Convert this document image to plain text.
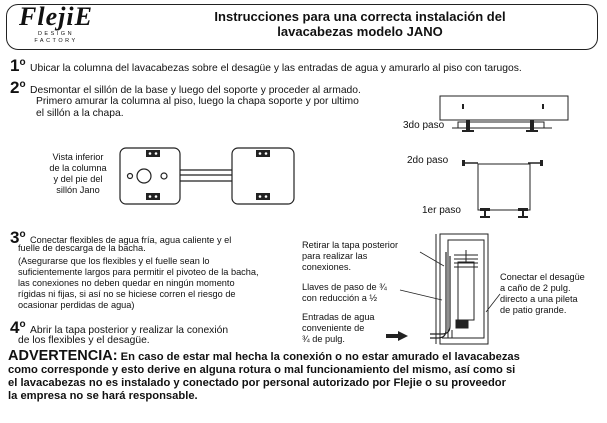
FlejiE
DESIGN
FACTORY
Instrucciones para una correcta instalación del
lavacabezas modelo JANO
1$^o$ Ubicar la columna del lavacabezas sobre el desagüe y las entradas de agua y amurarlo al piso con tarugos.
2$^o$ Desmontar el sillón de la base y luego del soporte y proceder al armado.
Primero amurar la columna al piso, luego la chapa soporte y por ultimo
el sillón a la chapa.
Vista inferior
de la columna
y del pie del
sillón Jano
3do paso
2do paso
1er paso
3$^o$ Conectar flexibles de agua fría, agua caliente y el
fuelle de descarga de la bacha.
(Asegurarse que los flexibles y el fuelle sean lo
suficientemente largos para permitir el pivoteo de la bacha,
las conexiones no deben quedar en ningún momento
rígidas ni fijas, si así no se hiciese corren el riesgo de
ocasionar perdidas de agua)
4$^o$ Abrir la tapa posterior y realizar la conexión
de los flexibles y el desagüe.
Retirar la tapa posterior
para realizar las
conexiones.
Llaves de paso de ¾
con reducción a ½
Entradas de agua
conveniente de
¾ de pulg.
Conectar el desagüe
a caño de 2 pulg.
directo a una pileta
de patio grande.
ADVERTENCIA: En caso de estar mal hecha la conexión o no estar amurado el lavacabezas
como corresponde y esto derive en alguna rotura o mal funcionamiento del mismo, así como si
el lavacabezas no es instalado y conectado por personal autorizado por Flejie o su proveedor
la empresa no se hará responsable.
